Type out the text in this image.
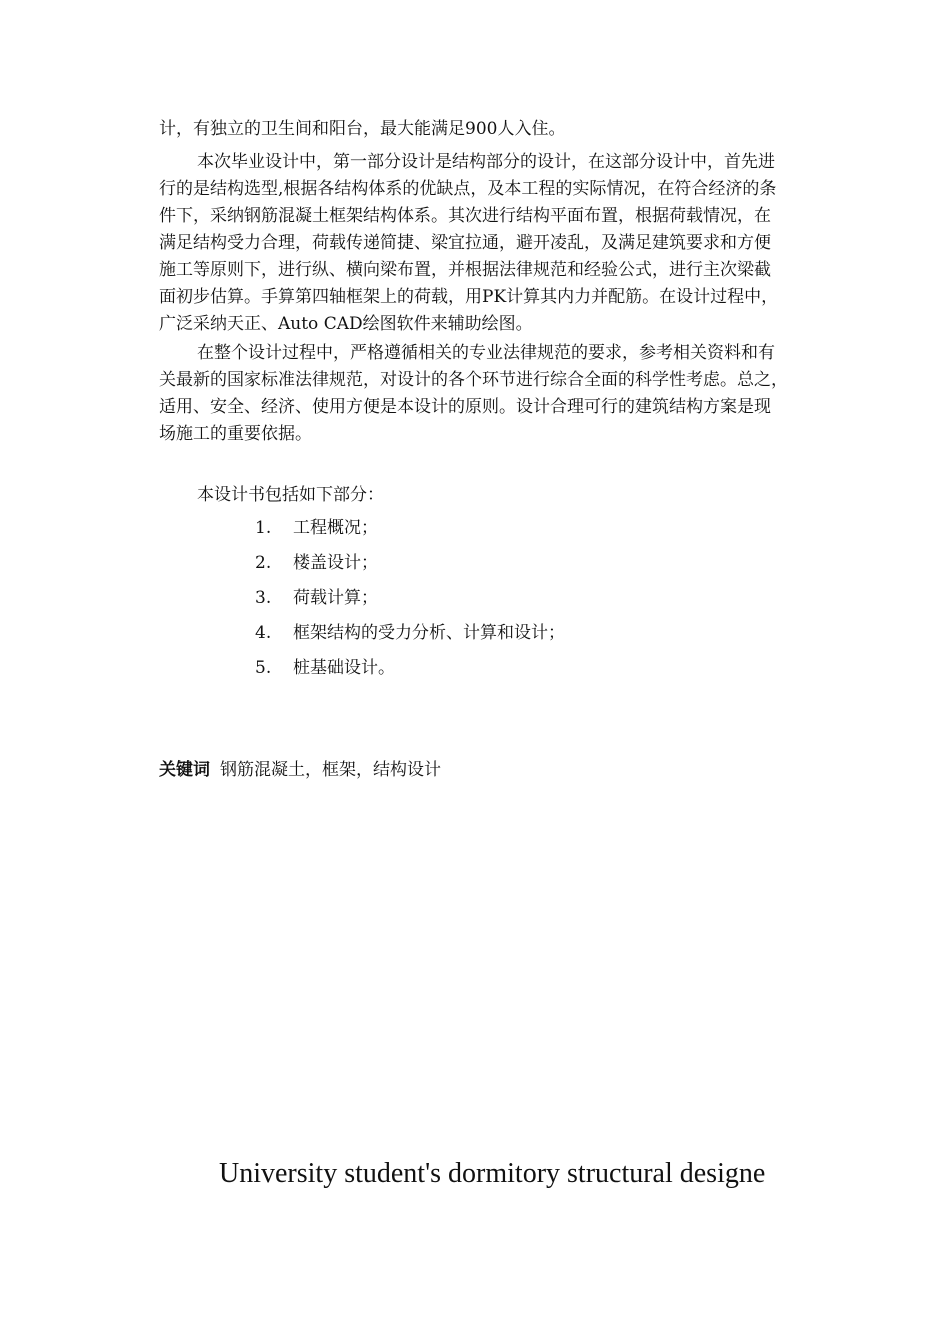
计，有独立的卫生间和阳台，最大能满足900人入住。
本次毕业设计中，第一部分设计是结构部分的设计，在这部分设计中，首先进
行的是结构选型,根据各结构体系的优缺点，及本工程的实际情况，在符合经济的条
件下，采纳钢筋混凝土框架结构体系。其次进行结构平面布置，根据荷载情况，在
满足结构受力合理，荷载传递简捷、梁宜拉通，避开凌乱，及满足建筑要求和方便
施工等原则下，进行纵、横向梁布置，并根据法律规范和经验公式，进行主次梁截
面初步估算。手算第四轴框架上的荷载，用PK计算其内力并配筋。在设计过程中，
广泛采纳天正、Auto CAD绘图软件来辅助绘图。
在整个设计过程中，严格遵循相关的专业法律规范的要求，参考相关资料和有
关最新的国家标准法律规范，对设计的各个环节进行综合全面的科学性考虑。总之，
适用、安全、经济、使用方便是本设计的原则。设计合理可行的建筑结构方案是现
场施工的重要依据。
本设计书包括如下部分：
1. 工程概况；
2. 楼盖设计；
3. 荷载计算；
4. 框架结构的受力分析、计算和设计；
5. 桩基础设计。
关键词 钢筋混凝土，框架，结构设计
University student's dormitory structural designe
